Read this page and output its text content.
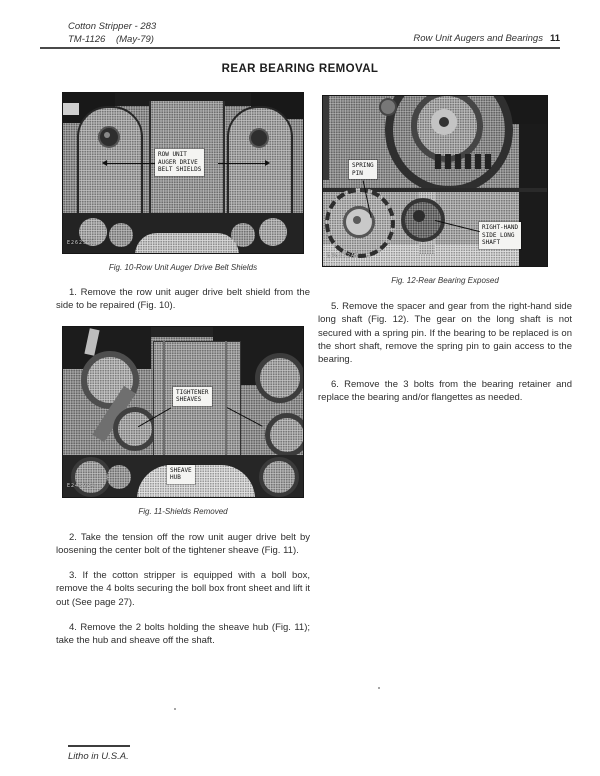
Cotton Stripper - 283
TM-1126 (May-79)	Row Unit Augers and Bearings 11
REAR BEARING REMOVAL
ROW UNIT
AUGER DRIVE
BELT SHIELDS
E262527
Fig. 10-Row Unit Auger Drive Belt Shields

1. Remove the row unit auger drive belt shield from the side to be repaired (Fig. 10).

TIGHTENER
SHEAVES
SHEAVE
HUB
E245924
Fig. 11-Shields Removed

2. Take the tension off the row unit auger drive belt by loosening the center bolt of the tightener sheave (Fig. 11).

3. If the cotton stripper is equipped with a boll box, remove the 4 bolts securing the boll box front sheet and lift it out (See page 27).

4. Remove the 2 bolts holding the sheave hub (Fig. 11); take the hub and sheave off the shaft.

SPRING
PIN
RIGHT-HAND
SIDE LONG
SHAFT
E46122A7
Fig. 12-Rear Bearing Exposed

5. Remove the spacer and gear from the right-hand side long shaft (Fig. 12). The gear on the long shaft is not secured with a spring pin. If the bearing to be replaced is on the short shaft, remove the spring pin to gain access to the bearing.

6. Remove the 3 bolts from the bearing retainer and replace the bearing and/or flangettes as needed.

Litho in U.S.A.
